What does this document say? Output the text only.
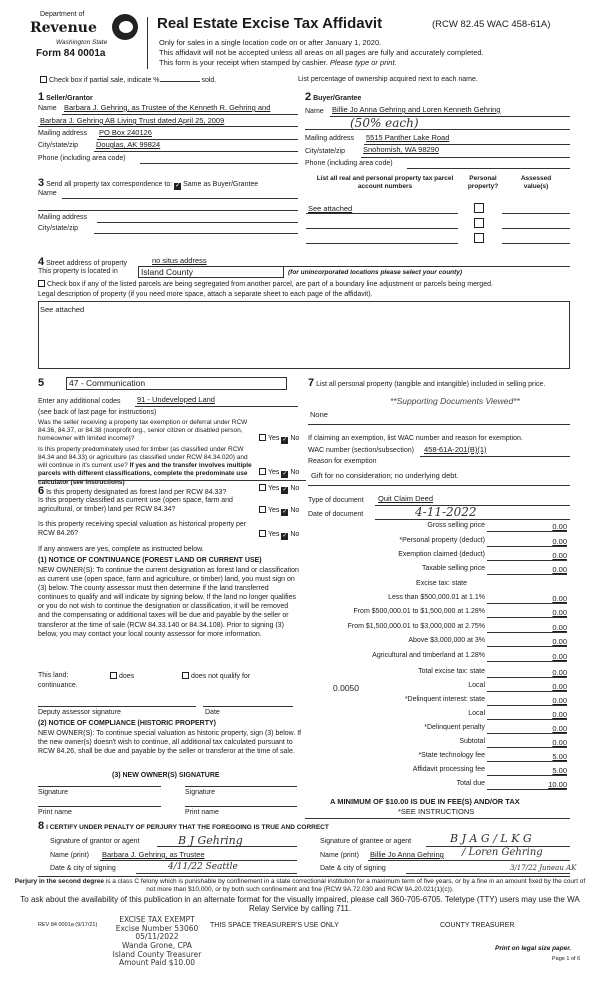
Department of
Revenue
Washington State
Form 84 0001a
Real Estate Excise Tax Affidavit	(RCW 82.45 WAC 458-61A)
Only for sales in a single location code on or after January 1, 2020.
This affidavit will not be accepted unless all areas on all pages are fully and accurately completed.
This form is your receipt when stamped by cashier. Please type or print.
Check box if partial sale, indicate %	sold.	List percentage of ownership acquired next to each name.
1 Seller/Grantor
Name Barbara J. Gehring, as Trustee of the Kenneth R. Gehring and
Barbara J. Gehring AB Living Trust dated April 25, 2009
Mailing address PO Box 240126
City/state/zip Douglas, AK 99824
Phone (including area code)
3 Send all property tax correspondence to: ✓ Same as Buyer/Grantee
Name
Mailing address
City/state/zip
2 Buyer/Grantee
Name Billie Jo Anna Gehring and Loren Kenneth Gehring
(50% each)
Mailing address 5515 Panther Lake Road
City/state/zip Snohomish, WA 98290
Phone (including area code)
List all real and personal property tax parcel account numbers
Personal property?
Assessed value(s)
See attached
4 Street address of property	no situs address
This property is located in	Island County	(for unincorporated locations please select your county)
Check box if any of the listed parcels are being segregated from another parcel, are part of a boundary line adjustment or parcels being merged.
Legal description of property (if you need more space, attach a separate sheet to each page of the affidavit).
See attached
5	47 - Communication
Enter any additional codes 91 - Undeveloped Land
(see back of last page for instructions)
Was the seller receiving a property tax exemption or deferral under RCW 84.36, 84.37, or 84.38 (nonprofit org., senior citizen or disabled person, homeowner with limited income)?	Yes ✓ No
Is this property predominately used for timber (as classified under RCW 84.34 and 84.33) or agriculture (as classified under RCW 84.34.020) and will continue in it's current use? If yes and the transfer involves multiple parcels with different classifications, complete the predominate use calculator (see instructions)
Yes ✓ No
6 Is this property designated as forest land per RCW 84.33?
Yes ✓ No
Is this property classified as current use (open space, farm and agricultural, or timber) land per RCW 84.34?	Yes ✓ No
Is this property receiving special valuation as historical property per RCW 84.26?	Yes ✓ No
If any answers are yes, complete as instructed below.
(1) NOTICE OF CONTINUANCE (FOREST LAND OR CURRENT USE)
NEW OWNER(S): To continue the current designation as forest land or classification as current use (open space, farm and agriculture, or timber) land, you must sign on (3) below. The county assessor must then determine if the land transferred continues to qualify and will indicate by signing below. If the land no longer qualifies or you do not wish to continue the designation or classification, it will be removed and the compensating or additional taxes will be due and payable by the seller or transferor at the time of sale (RCW 84.33.140 or 84.34.108). Prior to signing (3) below, you may contact your local county assessor for more information.
This land:	does	does not qualify for
continuance.
Deputy assessor signature	Date
(2) NOTICE OF COMPLIANCE (HISTORIC PROPERTY)
NEW OWNER(S): To continue special valuation as historic property, sign (3) below. If the new owner(s) doesn't wish to continue, all additional tax calculated pursuant to RCW 84.26, shall be due and payable by the seller or transferor at the time of sale.
(3) NEW OWNER(S) SIGNATURE
Signature	Signature
Print name	Print name
7 List all personal property (tangible and intangible) included in selling price.
**Supporting Documents Viewed**
None
If claiming an exemption, list WAC number and reason for exemption.
WAC number (section/subsection) 458-61A-201(B)(1)
Reason for exemption
Gift for no consideration; no underlying debt.
Type of document Quit Claim Deed
Date of document	4-11-2022
Gross selling price	0.00
*Personal property (deduct)	0.00
Exemption claimed (deduct)	0.00
Taxable selling price	0.00
Excise tax: state
Less than $500,000.01 at 1.1%	0.00
From $500,000.01 to $1,500,000 at 1.28%	0.00
From $1,500,000.01 to $3,000,000 at 2.75%	0.00
Above $3,000,000 at 3%	0.00
Agricultural and timberland at 1.28%	0.00
Total excise tax: state	0.00
Local	0.00
0.0050
*Delinquent interest: state	0.00
Local	0.00
*Delinquent penalty	0.00
Subtotal	0.00
*State technology fee	5.00
Affidavit processing fee	5.00
Total due	10.00
A MINIMUM OF $10.00 IS DUE IN FEE(S) AND/OR TAX
*SEE INSTRUCTIONS
8 I CERTIFY UNDER PENALTY OF PERJURY THAT THE FOREGOING IS TRUE AND CORRECT
Signature of grantor or agent	B J Gehring
Name (print) Barbara J. Gehring, as Trustee
Date & city of signing	4/11/22 Seattle
Signature of grantee or agent	B J A G / L K G
Name (print) Billie Jo Anna Gehring / Loren Gehring
Date & city of signing	3/17/22 Juneau AK
Perjury in the second degree is a class C felony which is punishable by confinement in a state correctional institution for a maximum term of five years, or by a fine in an amount fixed by the court of not more than $10,000, or by both such confinement and fine (RCW 9A.72.030 and RCW 9A.20.021(1)(c)).
To ask about the availability of this publication in an alternate format for the visually impaired, please call 360-705-6705. Teletype (TTY) users may use the WA Relay Service by calling 711.
REV 84 0001a (9/17/21)
EXCISE TAX EXEMPT
Excise Number 53060
05/11/2022
Wanda Grone, CPA
Island County Treasurer
Amount Paid $10.00
THIS SPACE TREASURER'S USE ONLY	COUNTY TREASURER
Print on legal size paper.
Page 1 of 6
